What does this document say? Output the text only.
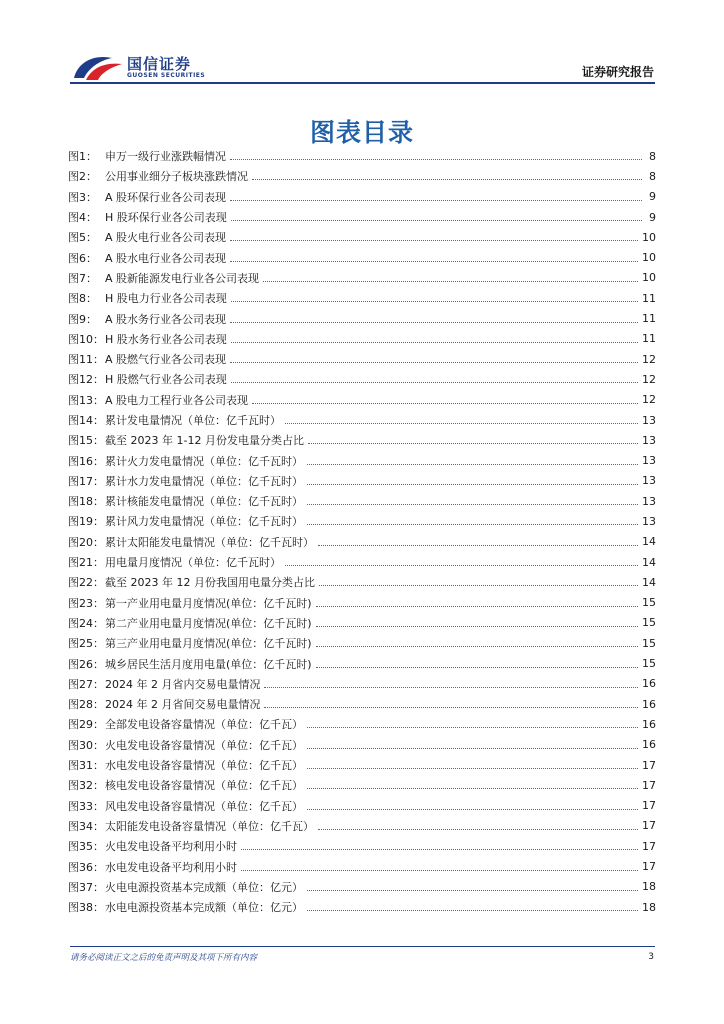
国信证券
GUOSEN SECURITIES	证券研究报告
图表目录
图1： 申万一级行业涨跌幅情况	8
图2： 公用事业细分子板块涨跌情况	8
图3： A 股环保行业各公司表现	9
图4： H 股环保行业各公司表现	9
图5： A 股火电行业各公司表现	10
图6： A 股水电行业各公司表现	10
图7： A 股新能源发电行业各公司表现	10
图8： H 股电力行业各公司表现	11
图9： A 股水务行业各公司表现	11
图10： H 股水务行业各公司表现	11
图11： A 股燃气行业各公司表现	12
图12： H 股燃气行业各公司表现	12
图13： A 股电力工程行业各公司表现	12
图14： 累计发电量情况（单位：亿千瓦时）	13
图15： 截至 2023 年 1-12 月份发电量分类占比	13
图16： 累计火力发电量情况（单位：亿千瓦时）	13
图17： 累计水力发电量情况（单位：亿千瓦时）	13
图18： 累计核能发电量情况（单位：亿千瓦时）	13
图19： 累计风力发电量情况（单位：亿千瓦时）	13
图20： 累计太阳能发电量情况（单位：亿千瓦时）	14
图21： 用电量月度情况（单位：亿千瓦时）	14
图22： 截至 2023 年 12 月份我国用电量分类占比	14
图23： 第一产业用电量月度情况(单位：亿千瓦时)	15
图24： 第二产业用电量月度情况(单位：亿千瓦时)	15
图25： 第三产业用电量月度情况(单位：亿千瓦时)	15
图26： 城乡居民生活月度用电量(单位：亿千瓦时)	15
图27： 2024 年 2 月省内交易电量情况	16
图28： 2024 年 2 月省间交易电量情况	16
图29： 全部发电设备容量情况（单位：亿千瓦）	16
图30： 火电发电设备容量情况（单位：亿千瓦）	16
图31： 水电发电设备容量情况（单位：亿千瓦）	17
图32： 核电发电设备容量情况（单位：亿千瓦）	17
图33： 风电发电设备容量情况（单位：亿千瓦）	17
图34： 太阳能发电设备容量情况（单位：亿千瓦）	17
图35： 火电发电设备平均利用小时	17
图36： 水电发电设备平均利用小时	17
图37： 火电电源投资基本完成额（单位：亿元）	18
图38： 水电电源投资基本完成额（单位：亿元）	18
请务必阅读正文之后的免责声明及其项下所有内容	3
